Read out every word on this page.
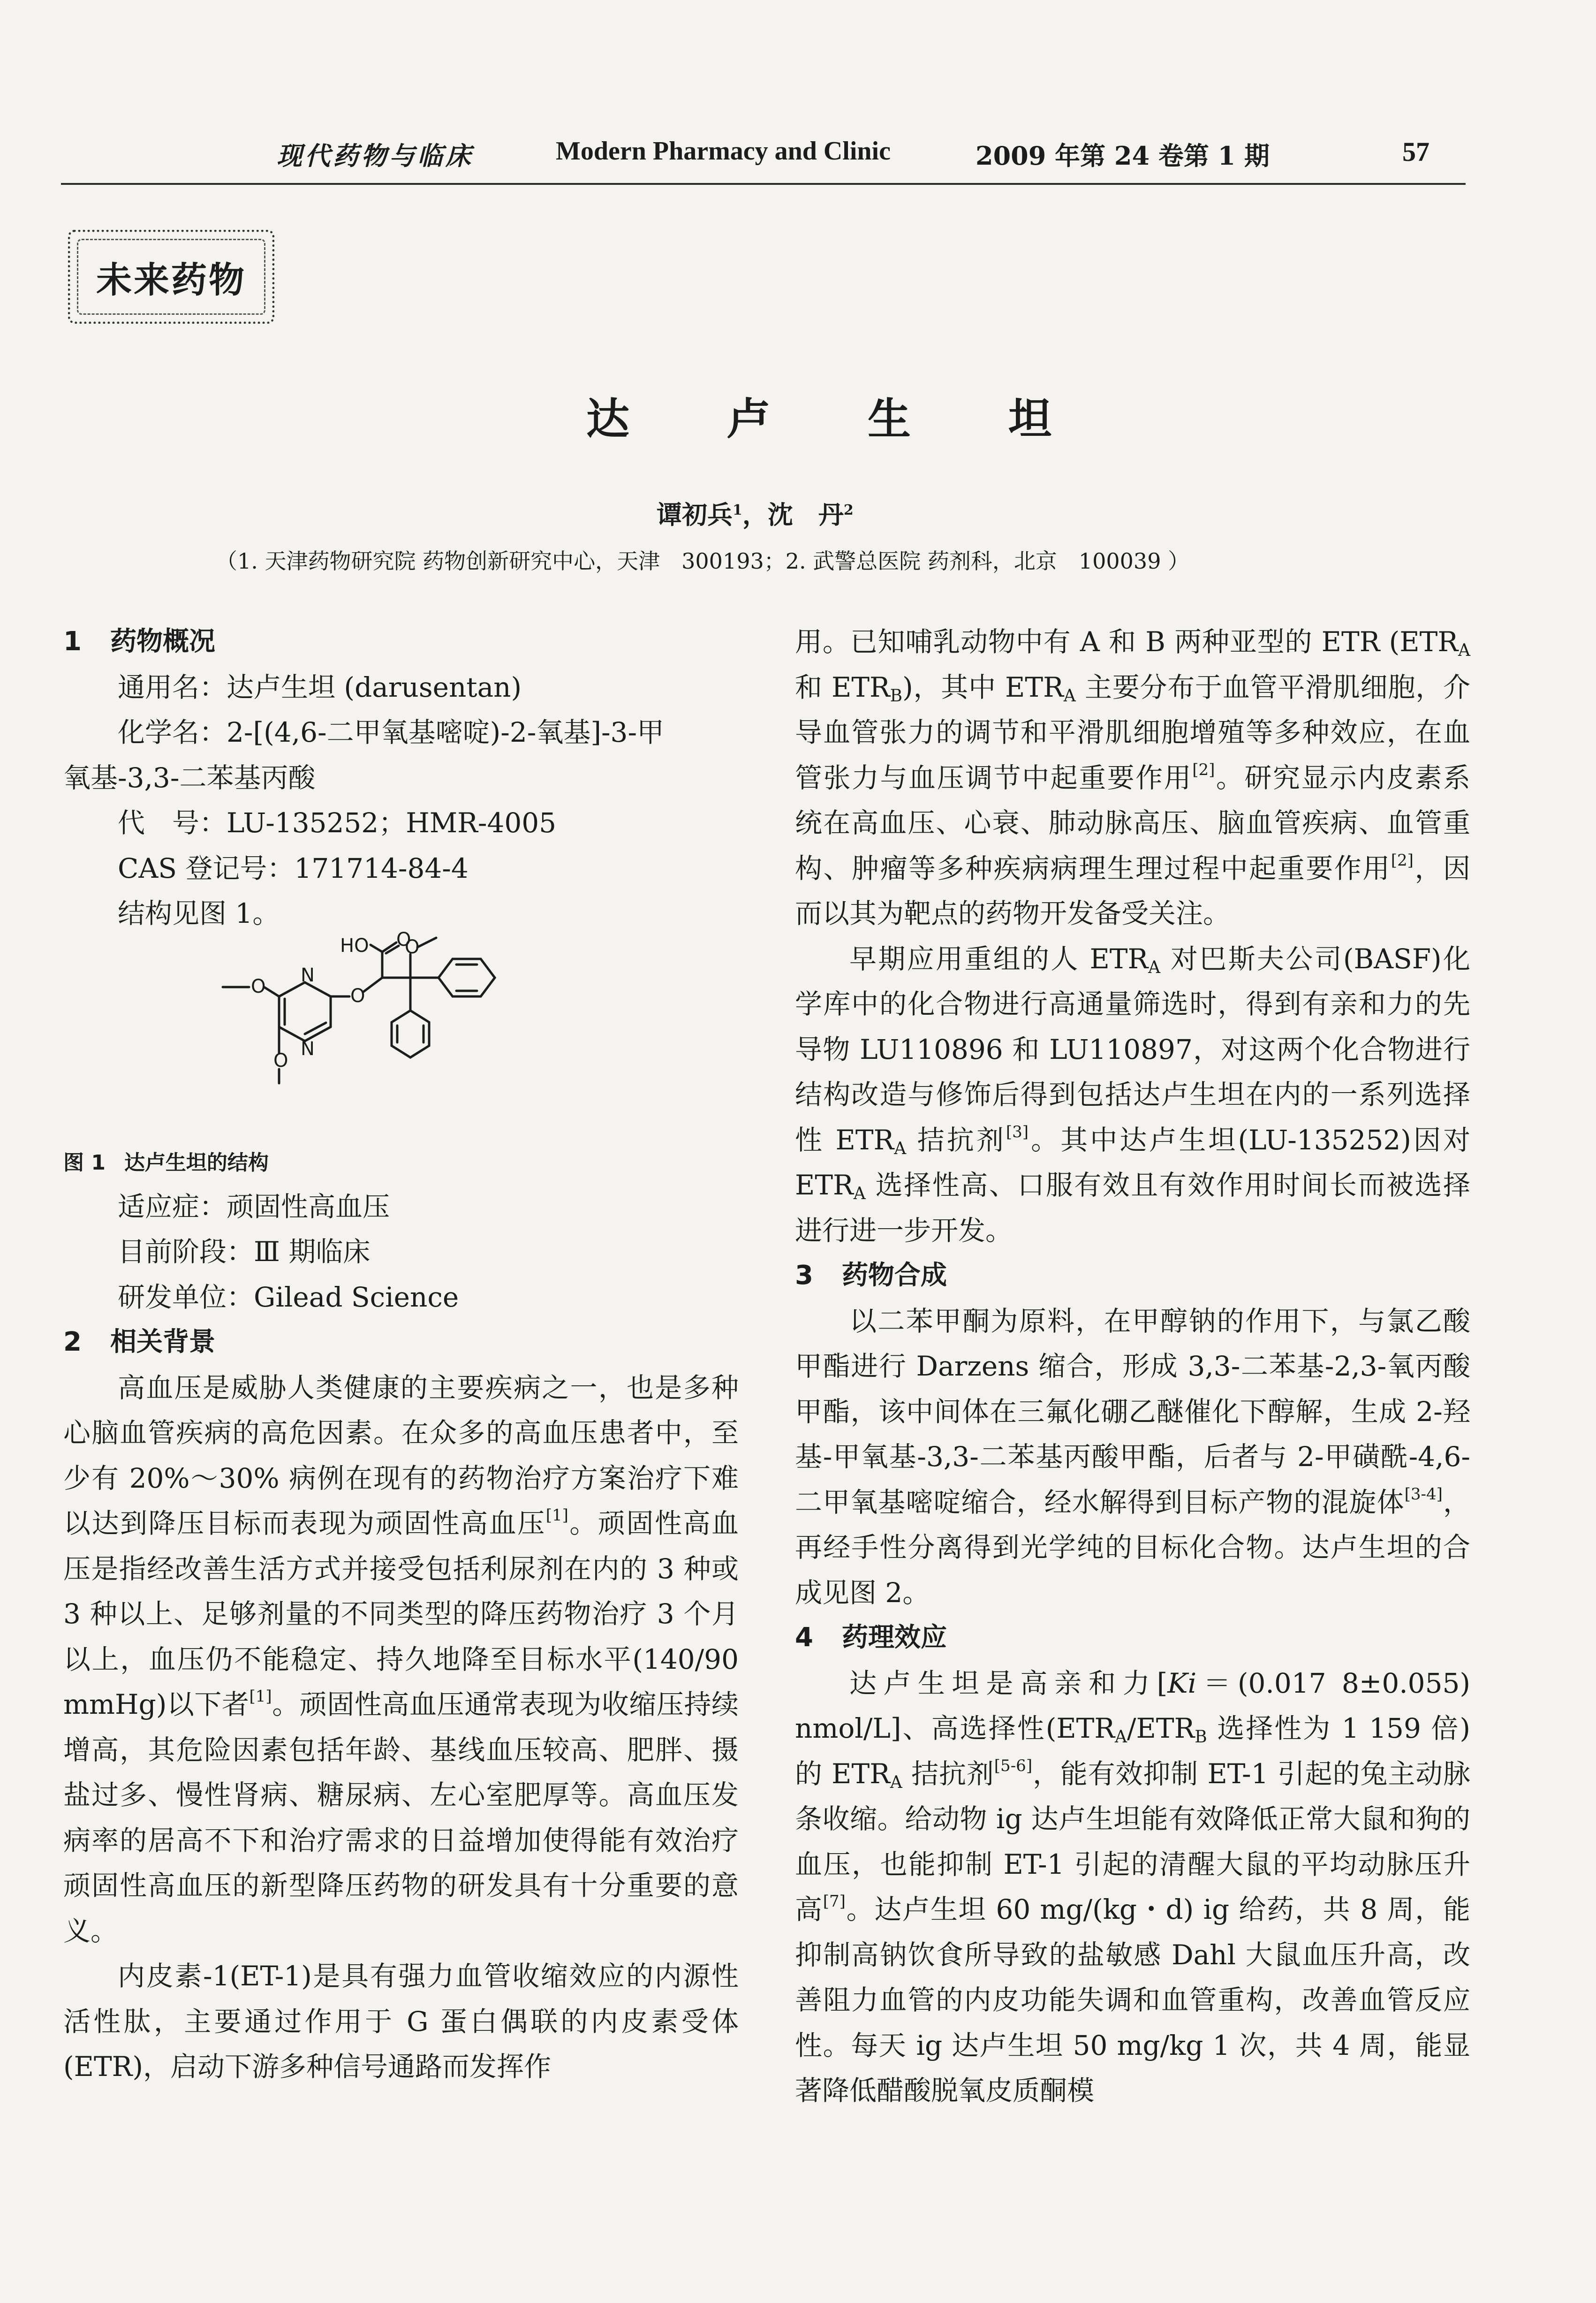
现代药物与临床	Modern Pharmacy and Clinic	2009 年第 24 卷第 1 期	57
未来药物
达 卢 生 坦
谭初兵$^1$，沈　丹$^2$
（1. 天津药物研究院 药物创新研究中心，天津　300193；2. 武警总医院 药剂科，北京　100039 ）

1 药物概况

通用名：达卢生坦 (darusentan)

化学名：2-[(4,6-二甲氧基嘧啶)-2-氧基]-3-甲

氧基-3,3-二苯基丙酸

代　号：LU-135252；HMR-4005

CAS 登记号：171714-84-4

结构见图 1。

O
O
N
N
O
HO O
O

图 1 达卢生坦的结构

适应症：顽固性高血压

目前阶段：Ⅲ 期临床

研发单位：Gilead Science

2 相关背景

高血压是威胁人类健康的主要疾病之一，也是多种心脑血管疾病的高危因素。在众多的高血压患者中，至少有 20%～30% 病例在现有的药物治疗方案治疗下难以达到降压目标而表现为顽固性高血压[1]。顽固性高血压是指经改善生活方式并接受包括利尿剂在内的 3 种或 3 种以上、足够剂量的不同类型的降压药物治疗 3 个月以上，血压仍不能稳定、持久地降至目标水平(140/90 mmHg)以下者[1]。顽固性高血压通常表现为收缩压持续增高，其危险因素包括年龄、基线血压较高、肥胖、摄盐过多、慢性肾病、糖尿病、左心室肥厚等。高血压发病率的居高不下和治疗需求的日益增加使得能有效治疗顽固性高血压的新型降压药物的研发具有十分重要的意义。

内皮素-1(ET-1)是具有强力血管收缩效应的内源性活性肽，主要通过作用于 G 蛋白偶联的内皮素受体(ETR)，启动下游多种信号通路而发挥作

用。已知哺乳动物中有 A 和 B 两种亚型的 ETR ($ETR_A$ 和 $ETR_B$)，其中 $ETR_A$ 主要分布于血管平滑肌细胞，介导血管张力的调节和平滑肌细胞增殖等多种效应，在血管张力与血压调节中起重要作用[2]。研究显示内皮素系统在高血压、心衰、肺动脉高压、脑血管疾病、血管重构、肿瘤等多种疾病病理生理过程中起重要作用[2]，因而以其为靶点的药物开发备受关注。

早期应用重组的人 $ETR_A$ 对巴斯夫公司(BASF)化学库中的化合物进行高通量筛选时，得到有亲和力的先导物 LU110896 和 LU110897，对这两个化合物进行结构改造与修饰后得到包括达卢生坦在内的一系列选择性 $ETR_A$ 拮抗剂[3]。其中达卢生坦(LU-135252)因对 $ETR_A$ 选择性高、口服有效且有效作用时间长而被选择进行进一步开发。

3 药物合成

以二苯甲酮为原料，在甲醇钠的作用下，与氯乙酸甲酯进行 Darzens 缩合，形成 3,3-二苯基-2,3-氧丙酸甲酯，该中间体在三氟化硼乙醚催化下醇解，生成 2-羟基-甲氧基-3,3-二苯基丙酸甲酯，后者与 2-甲磺酰-4,6-二甲氧基嘧啶缩合，经水解得到目标产物的混旋体[3-4]，再经手性分离得到光学纯的目标化合物。达卢生坦的合成见图 2。

4 药理效应

达卢生坦是高亲和力[Ki＝(0.017 8±0.055) nmol/L]、高选择性($ETR_A/ETR_B$ 选择性为 1 159 倍)的 $ETR_A$ 拮抗剂[5-6]，能有效抑制 ET-1 引起的兔主动脉条收缩。给动物 ig 达卢生坦能有效降低正常大鼠和狗的血压，也能抑制 ET-1 引起的清醒大鼠的平均动脉压升高[7]。达卢生坦 60 mg/(kg・d) ig 给药，共 8 周，能抑制高钠饮食所导致的盐敏感 Dahl 大鼠血压升高，改善阻力血管的内皮功能失调和血管重构，改善血管反应性。每天 ig 达卢生坦 50 mg/kg 1 次，共 4 周，能显著降低醋酸脱氧皮质酮模
